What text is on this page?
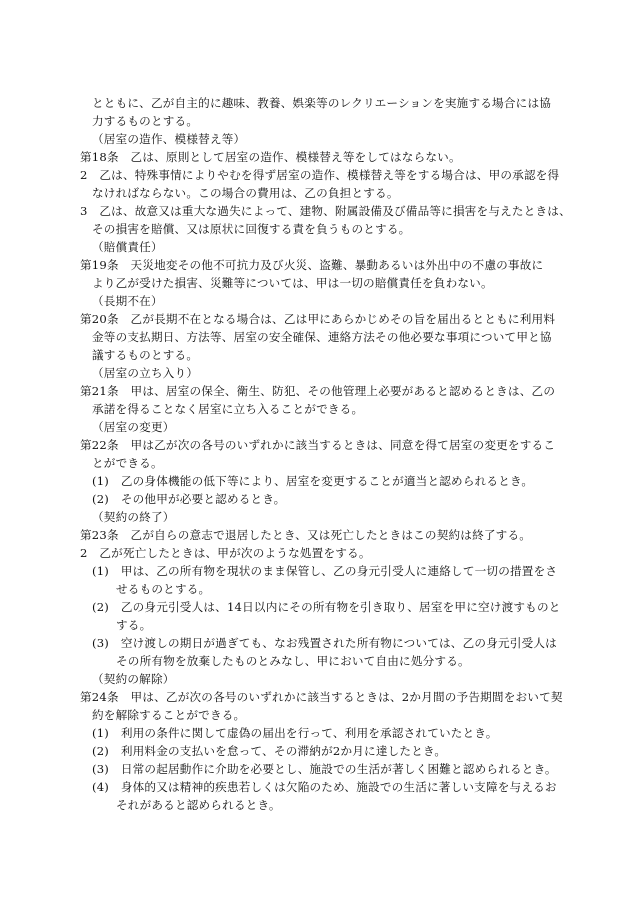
とともに、乙が自主的に趣味、教養、娯楽等のレクリエーションを実施する場合には協
力するものとする。
（居室の造作、模様替え等）
第18条　乙は、原則として居室の造作、模様替え等をしてはならない。
2　乙は、特殊事情によりやむを得ず居室の造作、模様替え等をする場合は、甲の承認を得
なければならない。この場合の費用は、乙の負担とする。
3　乙は、故意又は重大な過失によって、建物、附属設備及び備品等に損害を与えたときは、
その損害を賠償、又は原状に回復する責を負うものとする。
（賠償責任）
第19条　天災地変その他不可抗力及び火災、盗難、暴動あるいは外出中の不慮の事故に
より乙が受けた損害、災難等については、甲は一切の賠償責任を負わない。
（長期不在）
第20条　乙が長期不在となる場合は、乙は甲にあらかじめその旨を届出るとともに利用料
金等の支払期日、方法等、居室の安全確保、連絡方法その他必要な事項について甲と協
議するものとする。
（居室の立ち入り）
第21条　甲は、居室の保全、衛生、防犯、その他管理上必要があると認めるときは、乙の
承諾を得ることなく居室に立ち入ることができる。
（居室の変更）
第22条　甲は乙が次の各号のいずれかに該当するときは、同意を得て居室の変更をするこ
とができる。
(1)　乙の身体機能の低下等により、居室を変更することが適当と認められるとき。
(2)　その他甲が必要と認めるとき。
（契約の終了）
第23条　乙が自らの意志で退居したとき、又は死亡したときはこの契約は終了する。
2　乙が死亡したときは、甲が次のような処置をする。
(1)　甲は、乙の所有物を現状のまま保管し、乙の身元引受人に連絡して一切の措置をさ
せるものとする。
(2)　乙の身元引受人は、14日以内にその所有物を引き取り、居室を甲に空け渡すものと
する。
(3)　空け渡しの期日が過ぎても、なお残置された所有物については、乙の身元引受人は
その所有物を放棄したものとみなし、甲において自由に処分する。
（契約の解除）
第24条　甲は、乙が次の各号のいずれかに該当するときは、2か月間の予告期間をおいて契
約を解除することができる。
(1)　利用の条件に関して虚偽の届出を行って、利用を承認されていたとき。
(2)　利用料金の支払いを怠って、その滞納が2か月に達したとき。
(3)　日常の起居動作に介助を必要とし、施設での生活が著しく困難と認められるとき。
(4)　身体的又は精神的疾患若しくは欠陥のため、施設での生活に著しい支障を与えるお
それがあると認められるとき。
